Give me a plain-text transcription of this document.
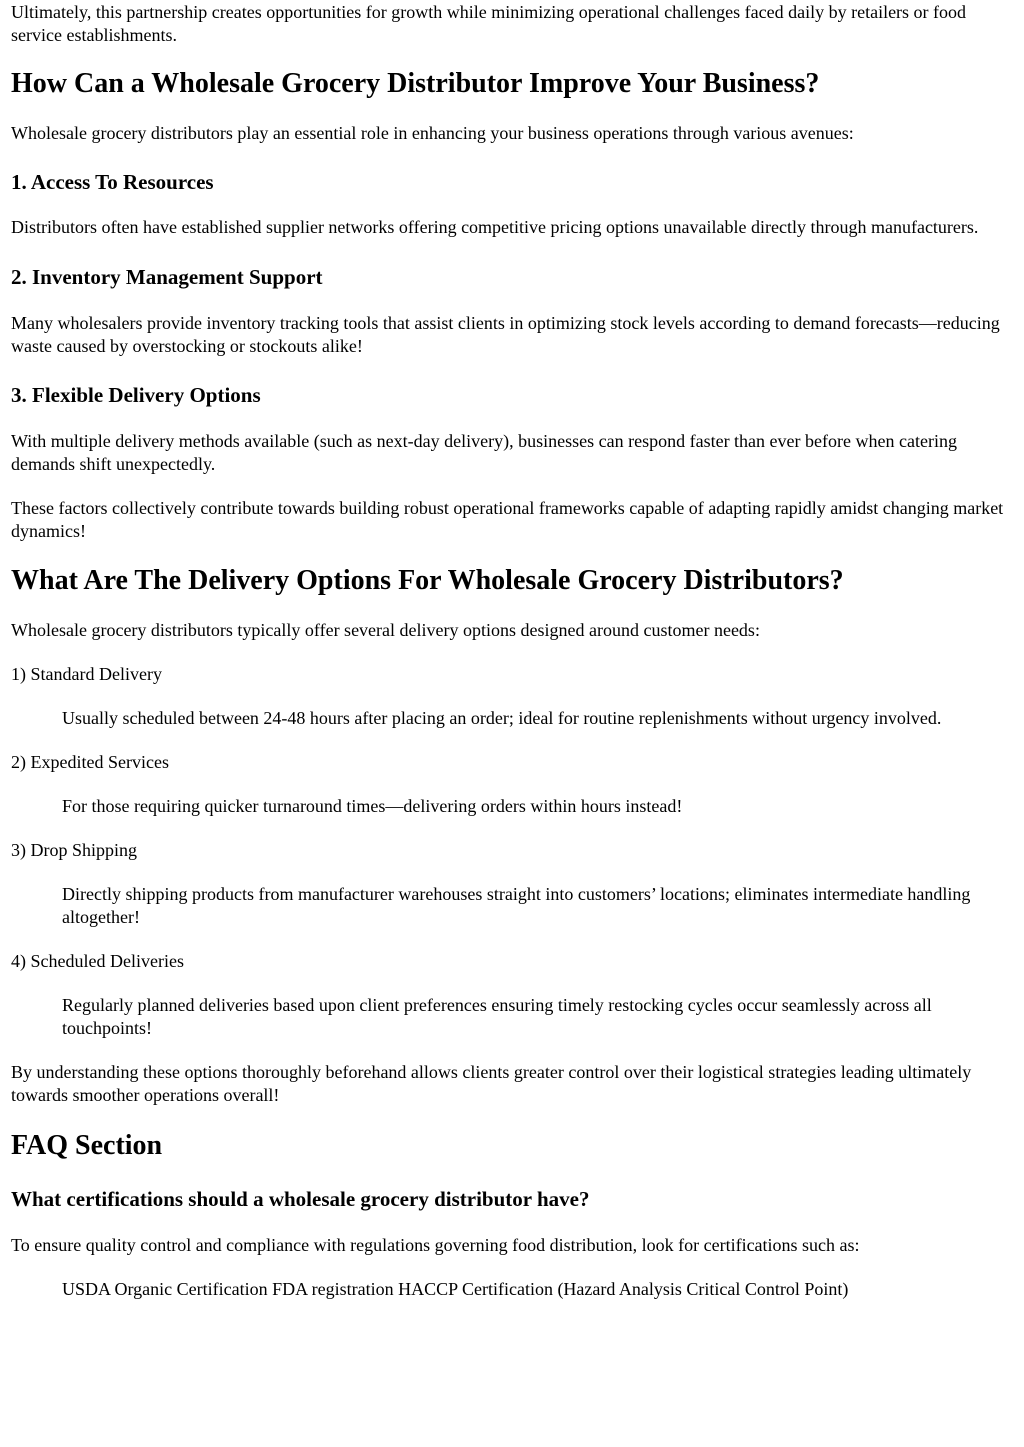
Ultimately, this partnership creates opportunities for growth while minimizing operational challenges faced daily by retailers or food service establishments.

How Can a Wholesale Grocery Distributor Improve Your Business?

Wholesale grocery distributors play an essential role in enhancing your business operations through various avenues:

1. Access To Resources

Distributors often have established supplier networks offering competitive pricing options unavailable directly through manufacturers.

2. Inventory Management Support

Many wholesalers provide inventory tracking tools that assist clients in optimizing stock levels according to demand forecasts—reducing waste caused by overstocking or stockouts alike!

3. Flexible Delivery Options

With multiple delivery methods available (such as next-day delivery), businesses can respond faster than ever before when catering demands shift unexpectedly.

These factors collectively contribute towards building robust operational frameworks capable of adapting rapidly amidst changing market dynamics!

What Are The Delivery Options For Wholesale Grocery Distributors?

Wholesale grocery distributors typically offer several delivery options designed around customer needs:

1) Standard Delivery

Usually scheduled between 24-48 hours after placing an order; ideal for routine replenishments without urgency involved.

2) Expedited Services

For those requiring quicker turnaround times—delivering orders within hours instead!

3) Drop Shipping

Directly shipping products from manufacturer warehouses straight into customers’ locations; eliminates intermediate handling altogether!

4) Scheduled Deliveries

Regularly planned deliveries based upon client preferences ensuring timely restocking cycles occur seamlessly across all touchpoints!

By understanding these options thoroughly beforehand allows clients greater control over their logistical strategies leading ultimately towards smoother operations overall!

FAQ Section
What certifications should a wholesale grocery distributor have?

To ensure quality control and compliance with regulations governing food distribution, look for certifications such as:

USDA Organic Certification FDA registration HACCP Certification (Hazard Analysis Critical Control Point)
